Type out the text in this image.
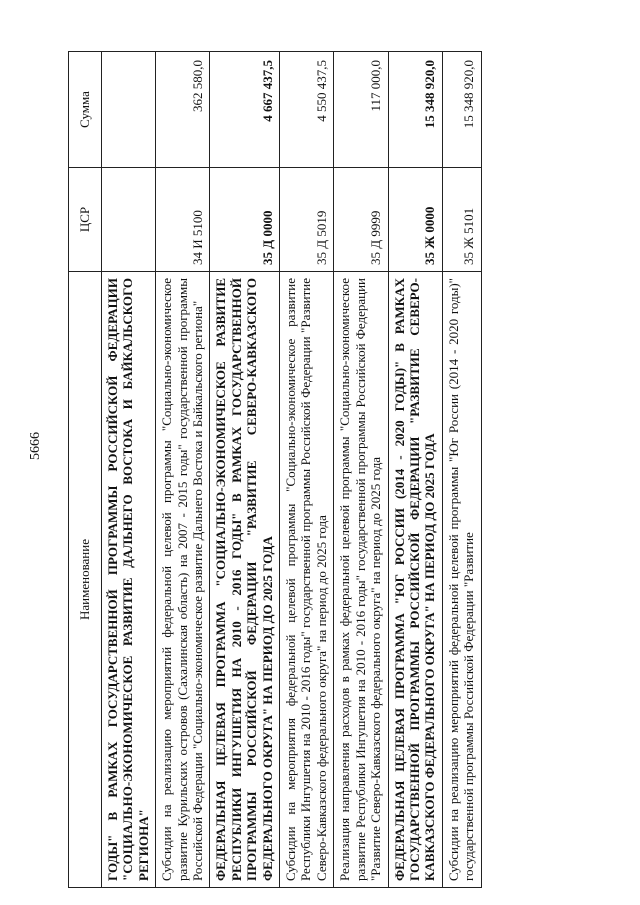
5666
Наименование	ЦСР	Сумма
ГОДЫ" В РАМКАХ ГОСУДАРСТВЕННОЙ ПРОГРАММЫ РОССИЙСКОЙ ФЕДЕРАЦИИ "СОЦИАЛЬНО-ЭКОНОМИЧЕСКОЕ РАЗВИТИЕ ДАЛЬНЕГО ВОСТОКА И БАЙКАЛЬСКОГО РЕГИОНА"		
Субсидии на реализацию мероприятий федеральной целевой программы "Социально-экономическое развитие Курильских островов (Сахалинская область) на 2007 - 2015 годы" государственной программы Российской Федерации "Социально-экономическое развитие Дальнего Востока и Байкальского региона"	34 И 5100	362 580,0
ФЕДЕРАЛЬНАЯ ЦЕЛЕВАЯ ПРОГРАММА "СОЦИАЛЬНО-ЭКОНОМИЧЕСКОЕ РАЗВИТИЕ РЕСПУБЛИКИ ИНГУШЕТИЯ НА 2010 - 2016 ГОДЫ" В РАМКАХ ГОСУДАРСТВЕННОЙ ПРОГРАММЫ РОССИЙСКОЙ ФЕДЕРАЦИИ "РАЗВИТИЕ СЕВЕРО-КАВКАЗСКОГО ФЕДЕРАЛЬНОГО ОКРУГА" НА ПЕРИОД ДО 2025 ГОДА	35 Д 0000	4 667 437,5
Субсидии на мероприятия федеральной целевой программы "Социально-экономическое развитие Республики Ингушетия на 2010 - 2016 годы" государственной программы Российской Федерации "Развитие Северо-Кавказского федерального округа" на период до 2025 года	35 Д 5019	4 550 437,5
Реализация направления расходов в рамках федеральной целевой программы "Социально-экономическое развитие Республики Ингушетия на 2010 - 2016 годы" государственной программы Российской Федерации "Развитие Северо-Кавказского федерального округа" на период до 2025 года	35 Д 9999	117 000,0
ФЕДЕРАЛЬНАЯ ЦЕЛЕВАЯ ПРОГРАММА "ЮГ РОССИИ (2014 - 2020 ГОДЫ)" В РАМКАХ ГОСУДАРСТВЕННОЙ ПРОГРАММЫ РОССИЙСКОЙ ФЕДЕРАЦИИ "РАЗВИТИЕ СЕВЕРО-КАВКАЗСКОГО ФЕДЕРАЛЬНОГО ОКРУГА" НА ПЕРИОД ДО 2025 ГОДА	35 Ж 0000	15 348 920,0
Субсидии на реализацию мероприятий федеральной целевой программы "Юг России (2014 - 2020 годы)" государственной программы Российской Федерации "Развитие	35 Ж 5101	15 348 920,0
